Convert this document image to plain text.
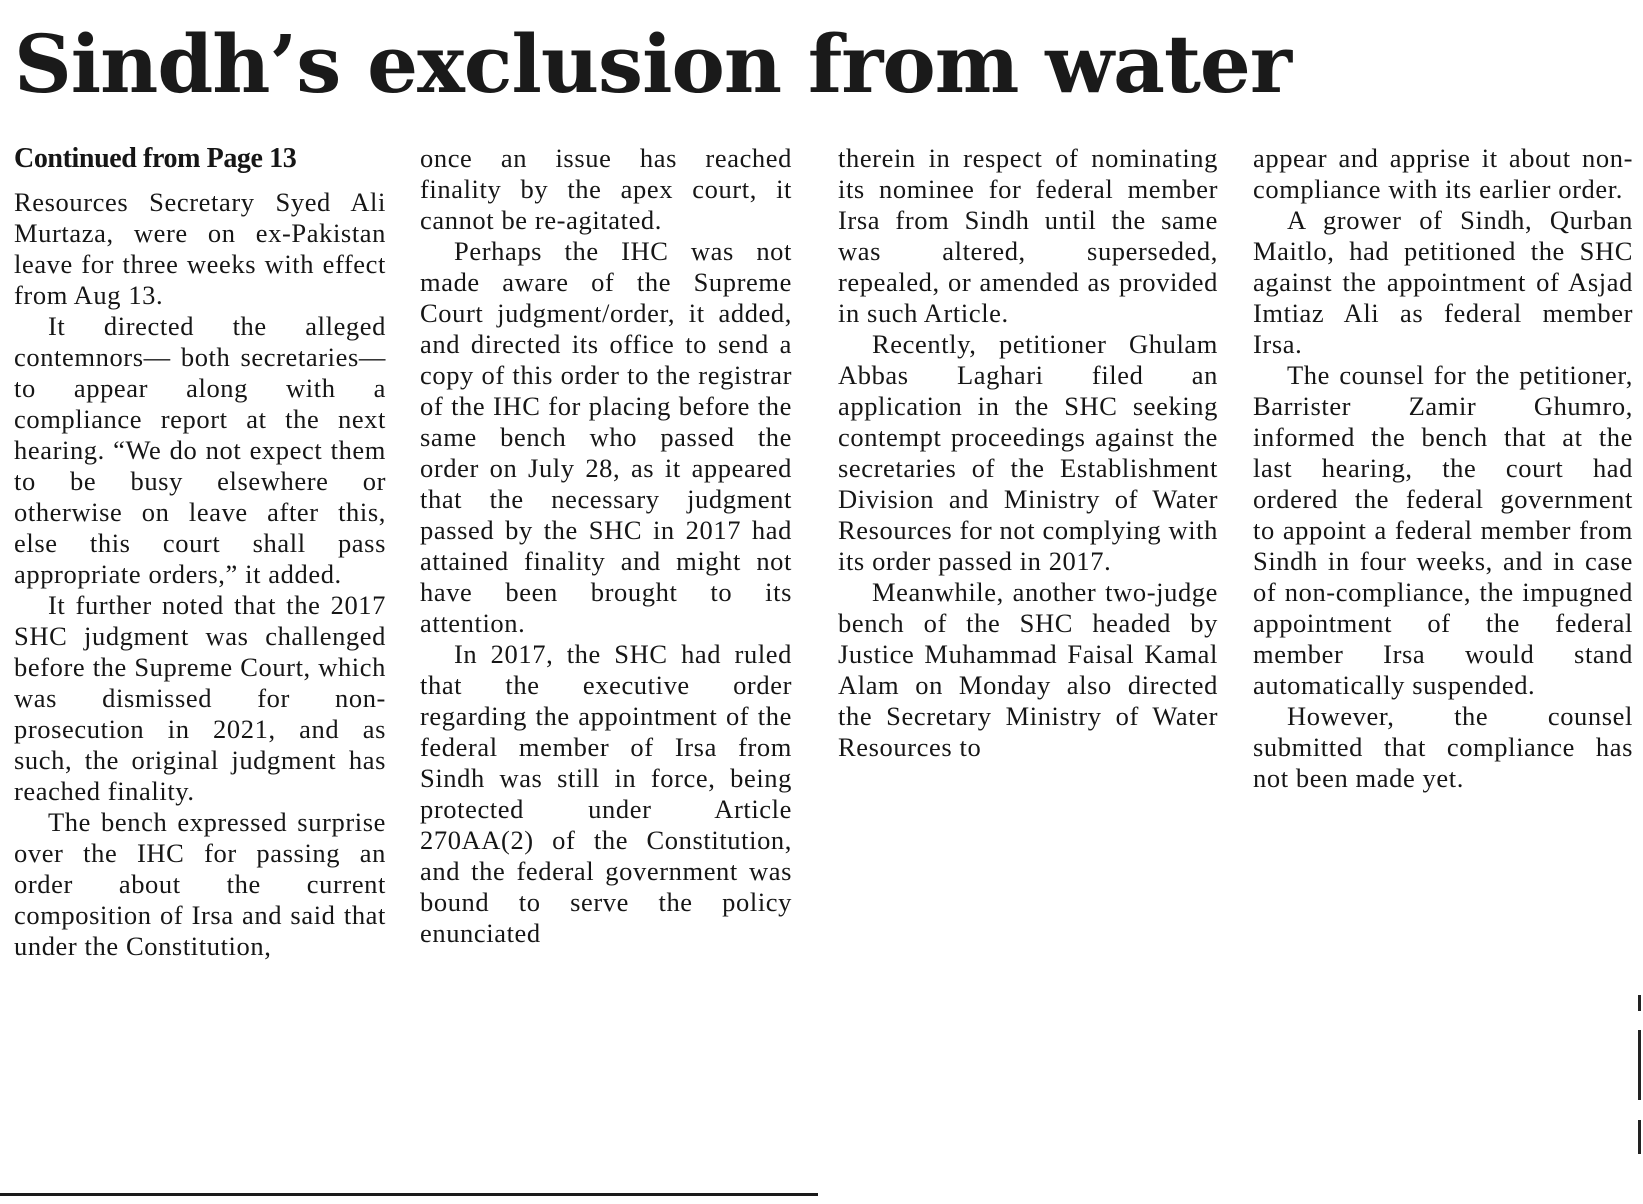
Sindh’s exclusion from water
Continued from Page 13

Resources Secretary Syed Ali Murtaza, were on ex-Pakistan leave for three weeks with effect from Aug 13.

It directed the alleged contemnors— both secretaries—to appear along with a compliance report at the next hearing. “We do not expect them to be busy elsewhere or otherwise on leave after this, else this court shall pass appropriate orders,” it added.

It further noted that the 2017 SHC judgment was challenged before the Supreme Court, which was dismissed for non-prosecution in 2021, and as such, the original judgment has reached finality.

The bench expressed surprise over the IHC for passing an order about the current composition of Irsa and said that under the Constitution,

once an issue has reached finality by the apex court, it cannot be re-agitated.

Perhaps the IHC was not made aware of the Supreme Court judgment/order, it added, and directed its office to send a copy of this order to the registrar of the IHC for placing before the same bench who passed the order on July 28, as it appeared that the necessary judgment passed by the SHC in 2017 had attained finality and might not have been brought to its attention.

In 2017, the SHC had ruled that the executive order regarding the appointment of the federal member of Irsa from Sindh was still in force, being protected under Article 270AA(2) of the Constitution, and the federal government was bound to serve the policy enunciated

therein in respect of nominating its nominee for federal member Irsa from Sindh until the same was altered, superseded, repealed, or amended as provided in such Article.

Recently, petitioner Ghulam Abbas Laghari filed an application in the SHC seeking contempt proceedings against the secretaries of the Establishment Division and Ministry of Water Resources for not complying with its order passed in 2017.

Meanwhile, another two-judge bench of the SHC headed by Justice Muhammad Faisal Kamal Alam on Monday also directed the Secretary Ministry of Water Resources to

appear and apprise it about non-compliance with its earlier order.

A grower of Sindh, Qurban Maitlo, had petitioned the SHC against the appointment of Asjad Imtiaz Ali as federal member Irsa.

The counsel for the petitioner, Barrister Zamir Ghumro, informed the bench that at the last hearing, the court had ordered the federal government to appoint a federal member from Sindh in four weeks, and in case of non-compliance, the impugned appointment of the federal member Irsa would stand automatically suspended.

However, the counsel submitted that compliance has not been made yet.
